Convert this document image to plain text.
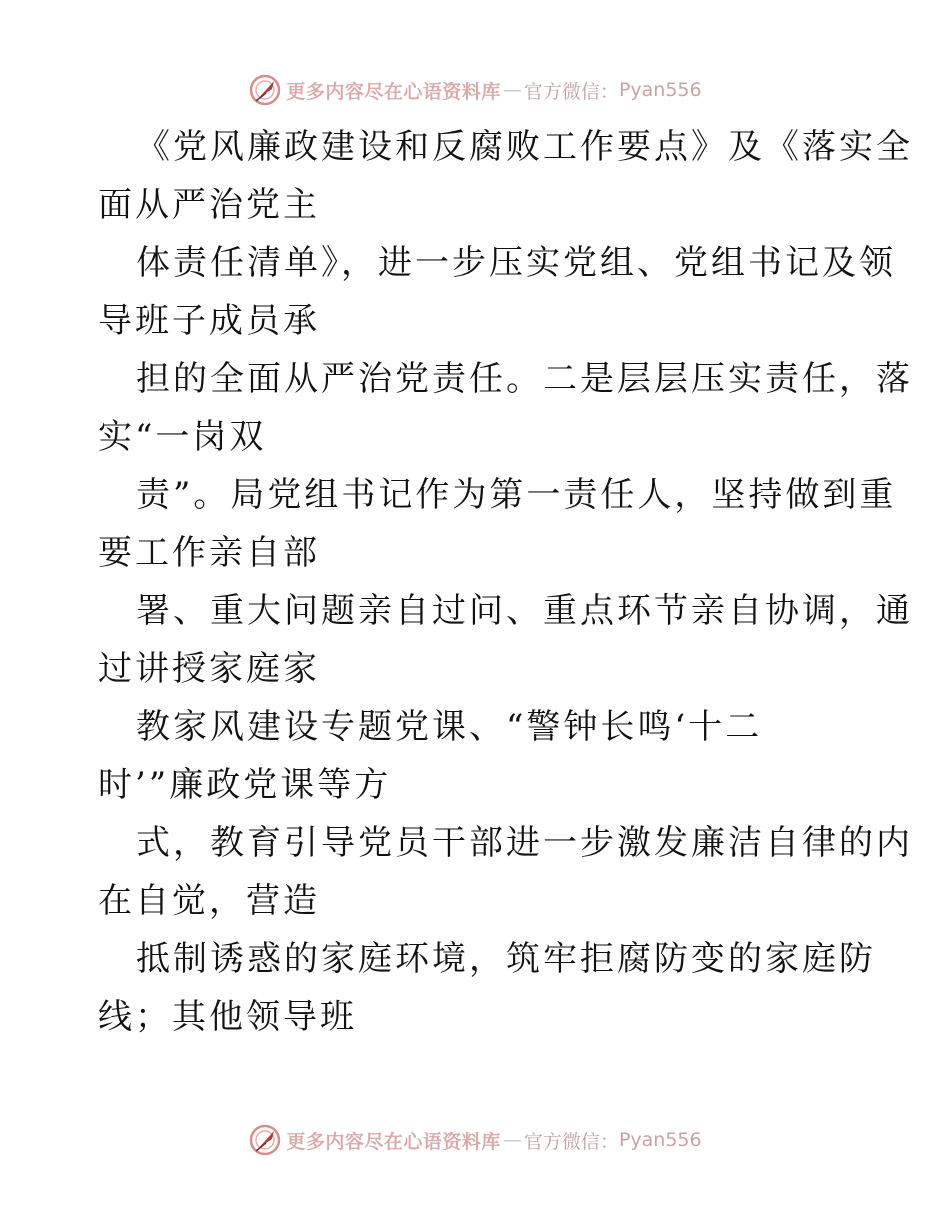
更多内容尽在心语资料库 — 官方微信： Pyan556
《党风廉政建设和反腐败工作要点》及《落实全
面从严治党主
体责任清单》，进一步压实党组、党组书记及领
导班子成员承
担的全面从严治党责任。二是层层压实责任，落
实“一岗双
责”。局党组书记作为第一责任人，坚持做到重
要工作亲自部
署、重大问题亲自过问、重点环节亲自协调，通
过讲授家庭家
教家风建设专题党课、“警钟长鸣‘十二
时’”廉政党课等方
式，教育引导党员干部进一步激发廉洁自律的内
在自觉，营造
抵制诱惑的家庭环境，筑牢拒腐防变的家庭防
线；其他领导班
更多内容尽在心语资料库 — 官方微信： Pyan556
